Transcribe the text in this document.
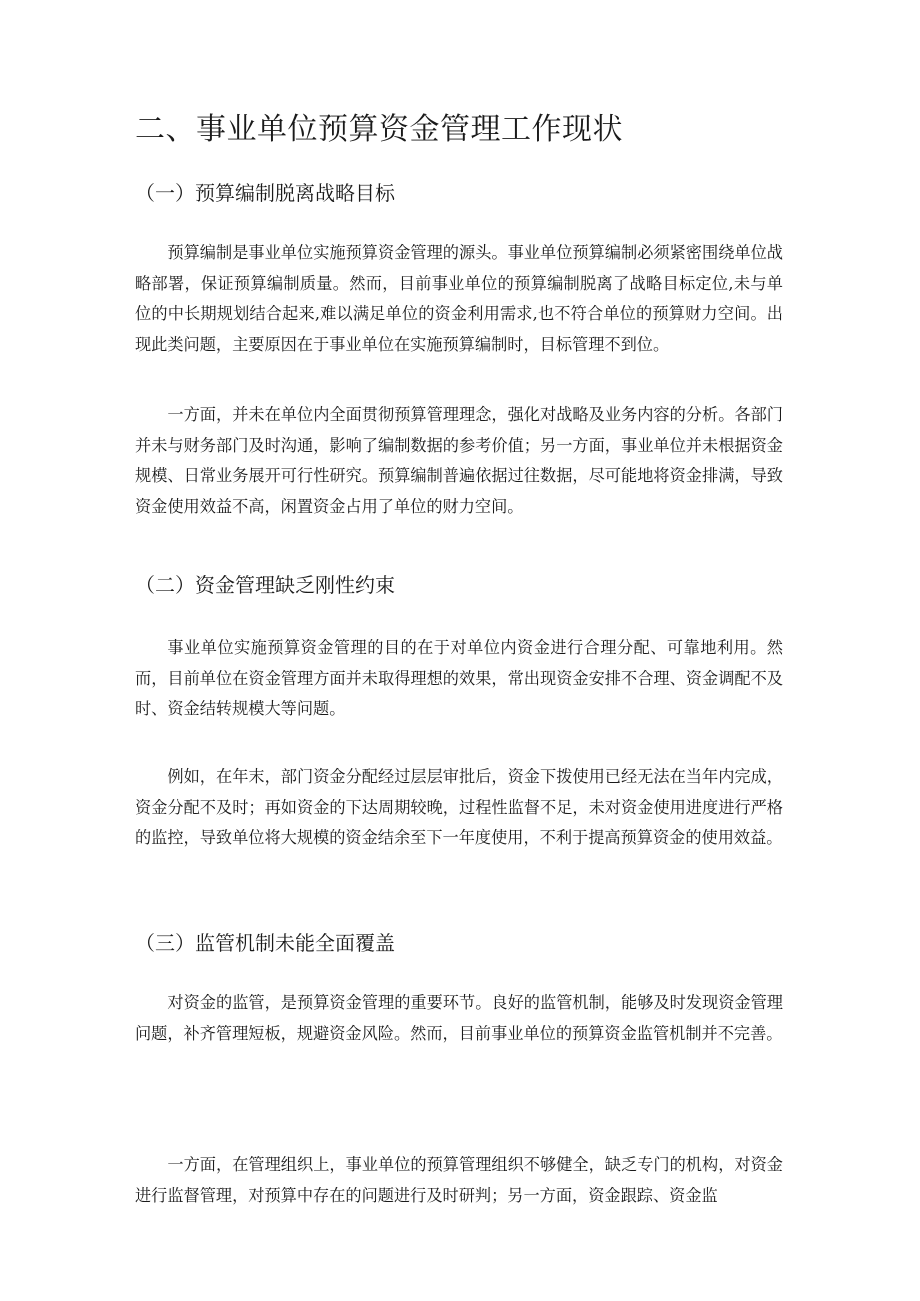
二、事业单位预算资金管理工作现状
（一）预算编制脱离战略目标

预算编制是事业单位实施预算资金管理的源头。事业单位预算编制必须紧密围绕单位战略部署，保证预算编制质量。然而，目前事业单位的预算编制脱离了战略目标定位,未与单位的中长期规划结合起来,难以满足单位的资金利用需求,也不符合单位的预算财力空间。出现此类问题，主要原因在于事业单位在实施预算编制时，目标管理不到位。

一方面，并未在单位内全面贯彻预算管理理念，强化对战略及业务内容的分析。各部门并未与财务部门及时沟通，影响了编制数据的参考价值；另一方面，事业单位并未根据资金规模、日常业务展开可行性研究。预算编制普遍依据过往数据，尽可能地将资金排满，导致资金使用效益不高，闲置资金占用了单位的财力空间。

（二）资金管理缺乏刚性约束

事业单位实施预算资金管理的目的在于对单位内资金进行合理分配、可靠地利用。然而，目前单位在资金管理方面并未取得理想的效果，常出现资金安排不合理、资金调配不及时、资金结转规模大等问题。

例如，在年末，部门资金分配经过层层审批后，资金下拨使用已经无法在当年内完成，资金分配不及时；再如资金的下达周期较晚，过程性监督不足，未对资金使用进度进行严格的监控，导致单位将大规模的资金结余至下一年度使用，不利于提高预算资金的使用效益。

（三）监管机制未能全面覆盖

对资金的监管，是预算资金管理的重要环节。良好的监管机制，能够及时发现资金管理问题，补齐管理短板，规避资金风险。然而，目前事业单位的预算资金监管机制并不完善。

一方面，在管理组织上，事业单位的预算管理组织不够健全，缺乏专门的机构，对资金进行监督管理，对预算中存在的问题进行及时研判；另一方面，资金跟踪、资金监
